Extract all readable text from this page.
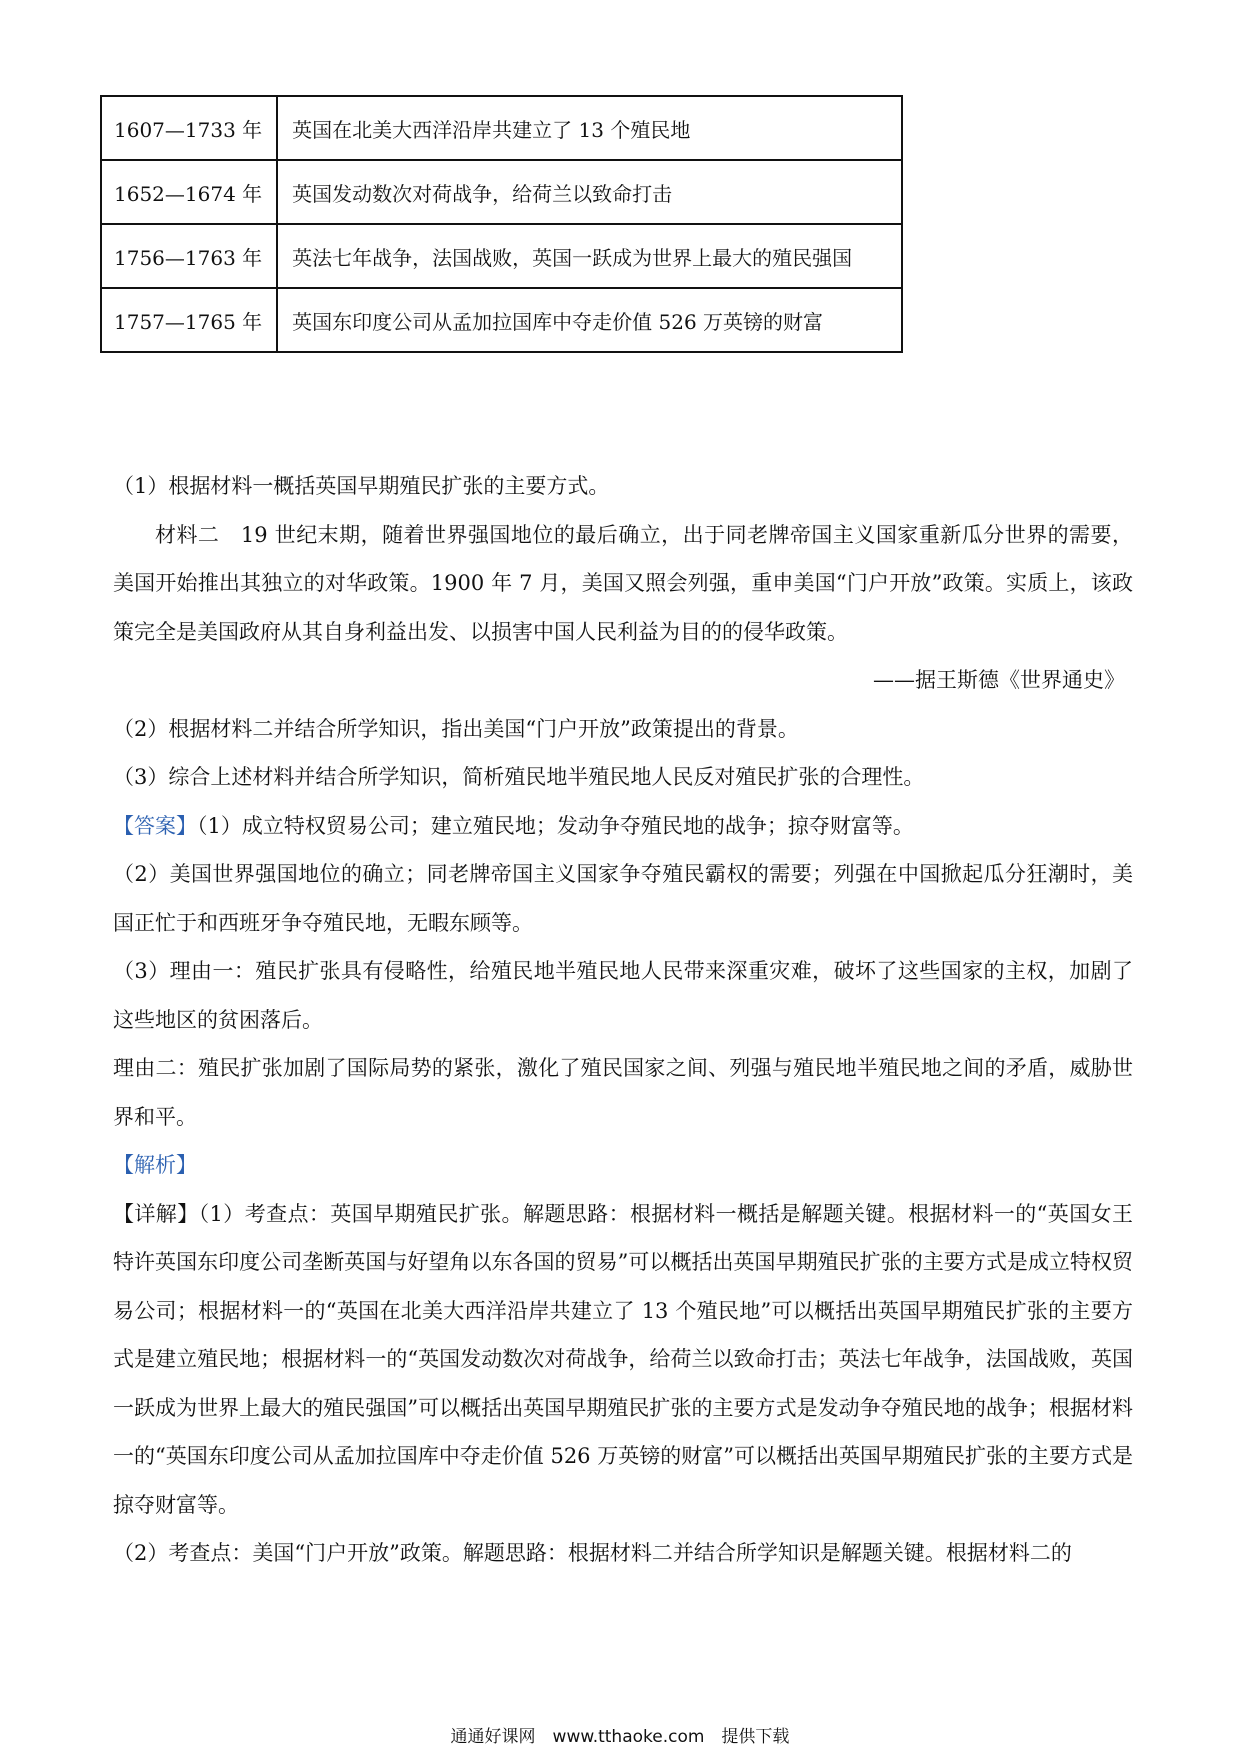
1607—1733 年	英国在北美大西洋沿岸共建立了 13 个殖民地
1652—1674 年	英国发动数次对荷战争，给荷兰以致命打击
1756—1763 年	英法七年战争，法国战败，英国一跃成为世界上最大的殖民强国
1757—1765 年	英国东印度公司从孟加拉国库中夺走价值 526 万英镑的财富

（1）根据材料一概括英国早期殖民扩张的主要方式。

材料二　19 世纪末期，随着世界强国地位的最后确立，出于同老牌帝国主义国家重新瓜分世界的需要，美国开始推出其独立的对华政策。1900 年 7 月，美国又照会列强，重申美国“门户开放”政策。实质上，该政策完全是美国政府从其自身利益出发、以损害中国人民利益为目的的侵华政策。

——据王斯德《世界通史》

（2）根据材料二并结合所学知识，指出美国“门户开放”政策提出的背景。

（3）综合上述材料并结合所学知识，简析殖民地半殖民地人民反对殖民扩张的合理性。

【答案】（1）成立特权贸易公司；建立殖民地；发动争夺殖民地的战争；掠夺财富等。

（2）美国世界强国地位的确立；同老牌帝国主义国家争夺殖民霸权的需要；列强在中国掀起瓜分狂潮时，美国正忙于和西班牙争夺殖民地，无暇东顾等。

（3）理由一：殖民扩张具有侵略性，给殖民地半殖民地人民带来深重灾难，破坏了这些国家的主权，加剧了这些地区的贫困落后。

理由二：殖民扩张加剧了国际局势的紧张，激化了殖民国家之间、列强与殖民地半殖民地之间的矛盾，威胁世界和平。

【解析】

【详解】（1）考查点：英国早期殖民扩张。解题思路：根据材料一概括是解题关键。根据材料一的“英国女王特许英国东印度公司垄断英国与好望角以东各国的贸易”可以概括出英国早期殖民扩张的主要方式是成立特权贸易公司；根据材料一的“英国在北美大西洋沿岸共建立了 13 个殖民地”可以概括出英国早期殖民扩张的主要方式是建立殖民地；根据材料一的“英国发动数次对荷战争，给荷兰以致命打击；英法七年战争，法国战败，英国一跃成为世界上最大的殖民强国”可以概括出英国早期殖民扩张的主要方式是发动争夺殖民地的战争；根据材料一的“英国东印度公司从孟加拉国库中夺走价值 526 万英镑的财富”可以概括出英国早期殖民扩张的主要方式是掠夺财富等。

（2）考查点：美国“门户开放”政策。解题思路：根据材料二并结合所学知识是解题关键。根据材料二的

通通好课网　www.tthaoke.com　提供下载
